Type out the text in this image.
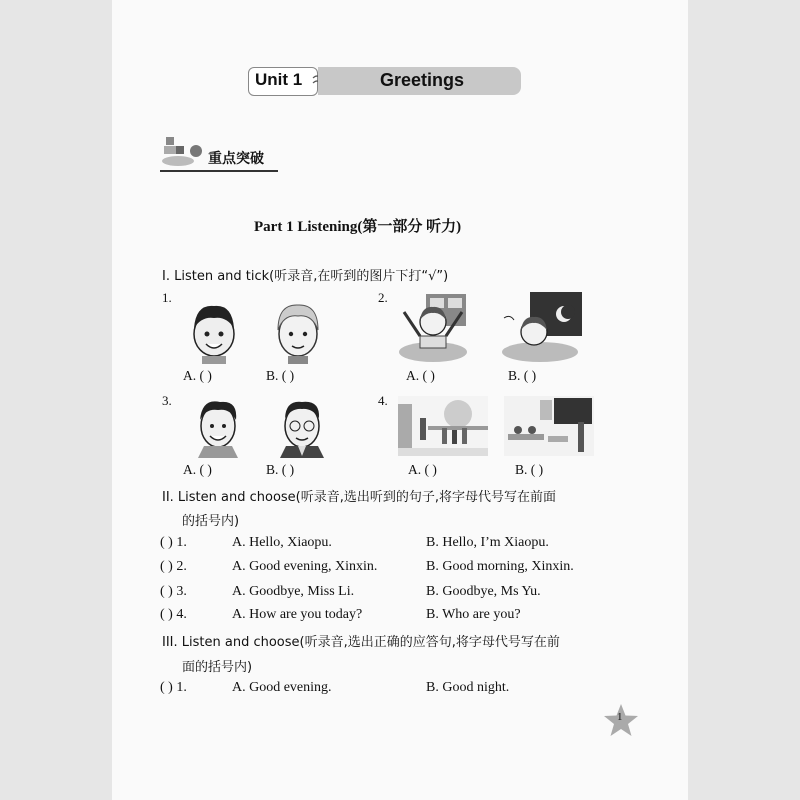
Unit 1	Greetings
重点突破
Part 1 Listening(第一部分 听力)
I. Listen and tick(听录音,在听到的图片下打“√”)
1.
A. ( )	B. ( )
2.
A. ( )	B. ( )
3.
A. ( )	B. ( )
4.
A. ( )	B. ( )
II. Listen and choose(听录音,选出听到的句子,将字母代号写在前面
的括号内)
( ) 1.	A. Hello, Xiaopu.	B. Hello, I’m Xiaopu.
( ) 2.	A. Good evening, Xinxin.	B. Good morning, Xinxin.
( ) 3.	A. Goodbye, Miss Li.	B. Goodbye, Ms Yu.
( ) 4.	A. How are you today?	B. Who are you?
III. Listen and choose(听录音,选出正确的应答句,将字母代号写在前
面的括号内)
( ) 1.	A. Good evening.	B. Good night.
1
